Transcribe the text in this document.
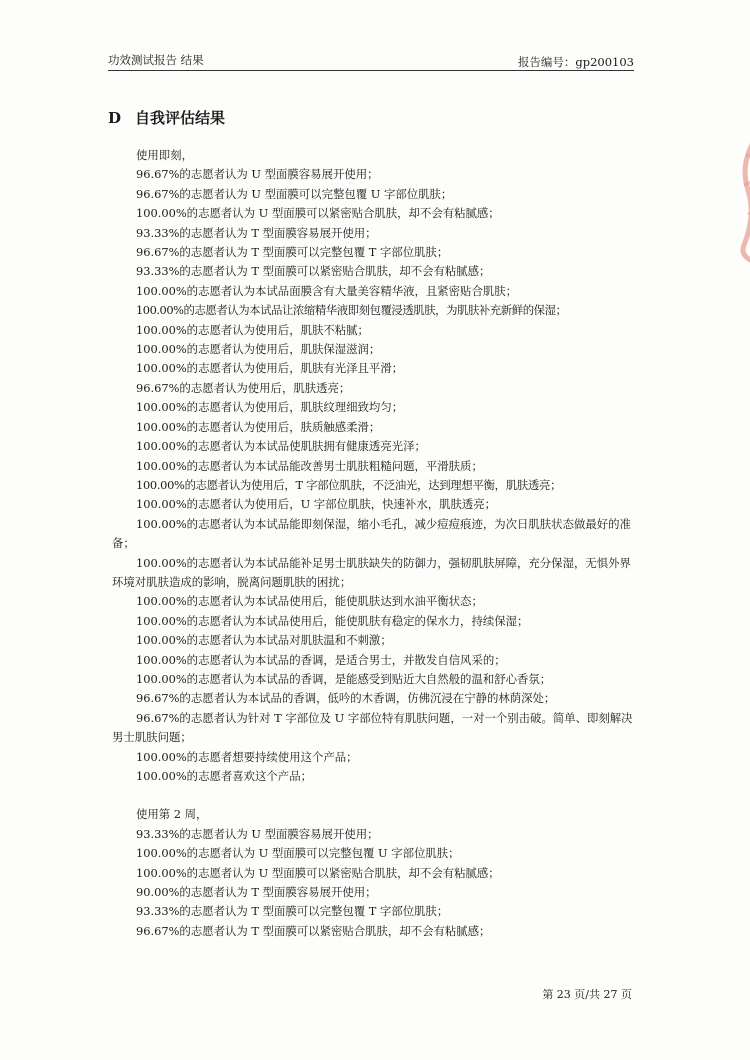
功效测试报告 结果	报告编号：gp200103
D 自我评估结果

使用即刻，

96.67%的志愿者认为 U 型面膜容易展开使用；

96.67%的志愿者认为 U 型面膜可以完整包覆 U 字部位肌肤；

100.00%的志愿者认为 U 型面膜可以紧密贴合肌肤，却不会有粘腻感；

93.33%的志愿者认为 T 型面膜容易展开使用；

96.67%的志愿者认为 T 型面膜可以完整包覆 T 字部位肌肤；

93.33%的志愿者认为 T 型面膜可以紧密贴合肌肤，却不会有粘腻感；

100.00%的志愿者认为本试品面膜含有大量美容精华液，且紧密贴合肌肤；

100.00%的志愿者认为本试品让浓缩精华液即刻包覆浸透肌肤，为肌肤补充新鲜的保湿；

100.00%的志愿者认为使用后，肌肤不粘腻；

100.00%的志愿者认为使用后，肌肤保湿滋润；

100.00%的志愿者认为使用后，肌肤有光泽且平滑；

96.67%的志愿者认为使用后，肌肤透亮；

100.00%的志愿者认为使用后，肌肤纹理细致均匀；

100.00%的志愿者认为使用后，肤质触感柔滑；

100.00%的志愿者认为本试品使肌肤拥有健康透亮光泽；

100.00%的志愿者认为本试品能改善男士肌肤粗糙问题，平滑肤质；

100.00%的志愿者认为使用后，T 字部位肌肤，不泛油光，达到理想平衡，肌肤透亮；

100.00%的志愿者认为使用后，U 字部位肌肤，快速补水，肌肤透亮；

100.00%的志愿者认为本试品能即刻保湿，缩小毛孔，减少痘痘痕迹，为次日肌肤状态做最好的准备；

100.00%的志愿者认为本试品能补足男士肌肤缺失的防御力，强韧肌肤屏障，充分保湿，无惧外界环境对肌肤造成的影响，脱离问题肌肤的困扰；

100.00%的志愿者认为本试品使用后，能使肌肤达到水油平衡状态；

100.00%的志愿者认为本试品使用后，能使肌肤有稳定的保水力，持续保湿；

100.00%的志愿者认为本试品对肌肤温和不刺激；

100.00%的志愿者认为本试品的香调，是适合男士，并散发自信风采的；

100.00%的志愿者认为本试品的香调，是能感受到贴近大自然般的温和舒心香氛；

96.67%的志愿者认为本试品的香调，低吟的木香调，仿佛沉浸在宁静的林荫深处；

96.67%的志愿者认为针对 T 字部位及 U 字部位特有肌肤问题，一对一个别击破。简单、即刻解决男士肌肤问题；

100.00%的志愿者想要持续使用这个产品；

100.00%的志愿者喜欢这个产品；

使用第 2 周，

93.33%的志愿者认为 U 型面膜容易展开使用；

100.00%的志愿者认为 U 型面膜可以完整包覆 U 字部位肌肤；

100.00%的志愿者认为 U 型面膜可以紧密贴合肌肤，却不会有粘腻感；

90.00%的志愿者认为 T 型面膜容易展开使用；

93.33%的志愿者认为 T 型面膜可以完整包覆 T 字部位肌肤；

96.67%的志愿者认为 T 型面膜可以紧密贴合肌肤，却不会有粘腻感；

第 23 页/共 27 页
